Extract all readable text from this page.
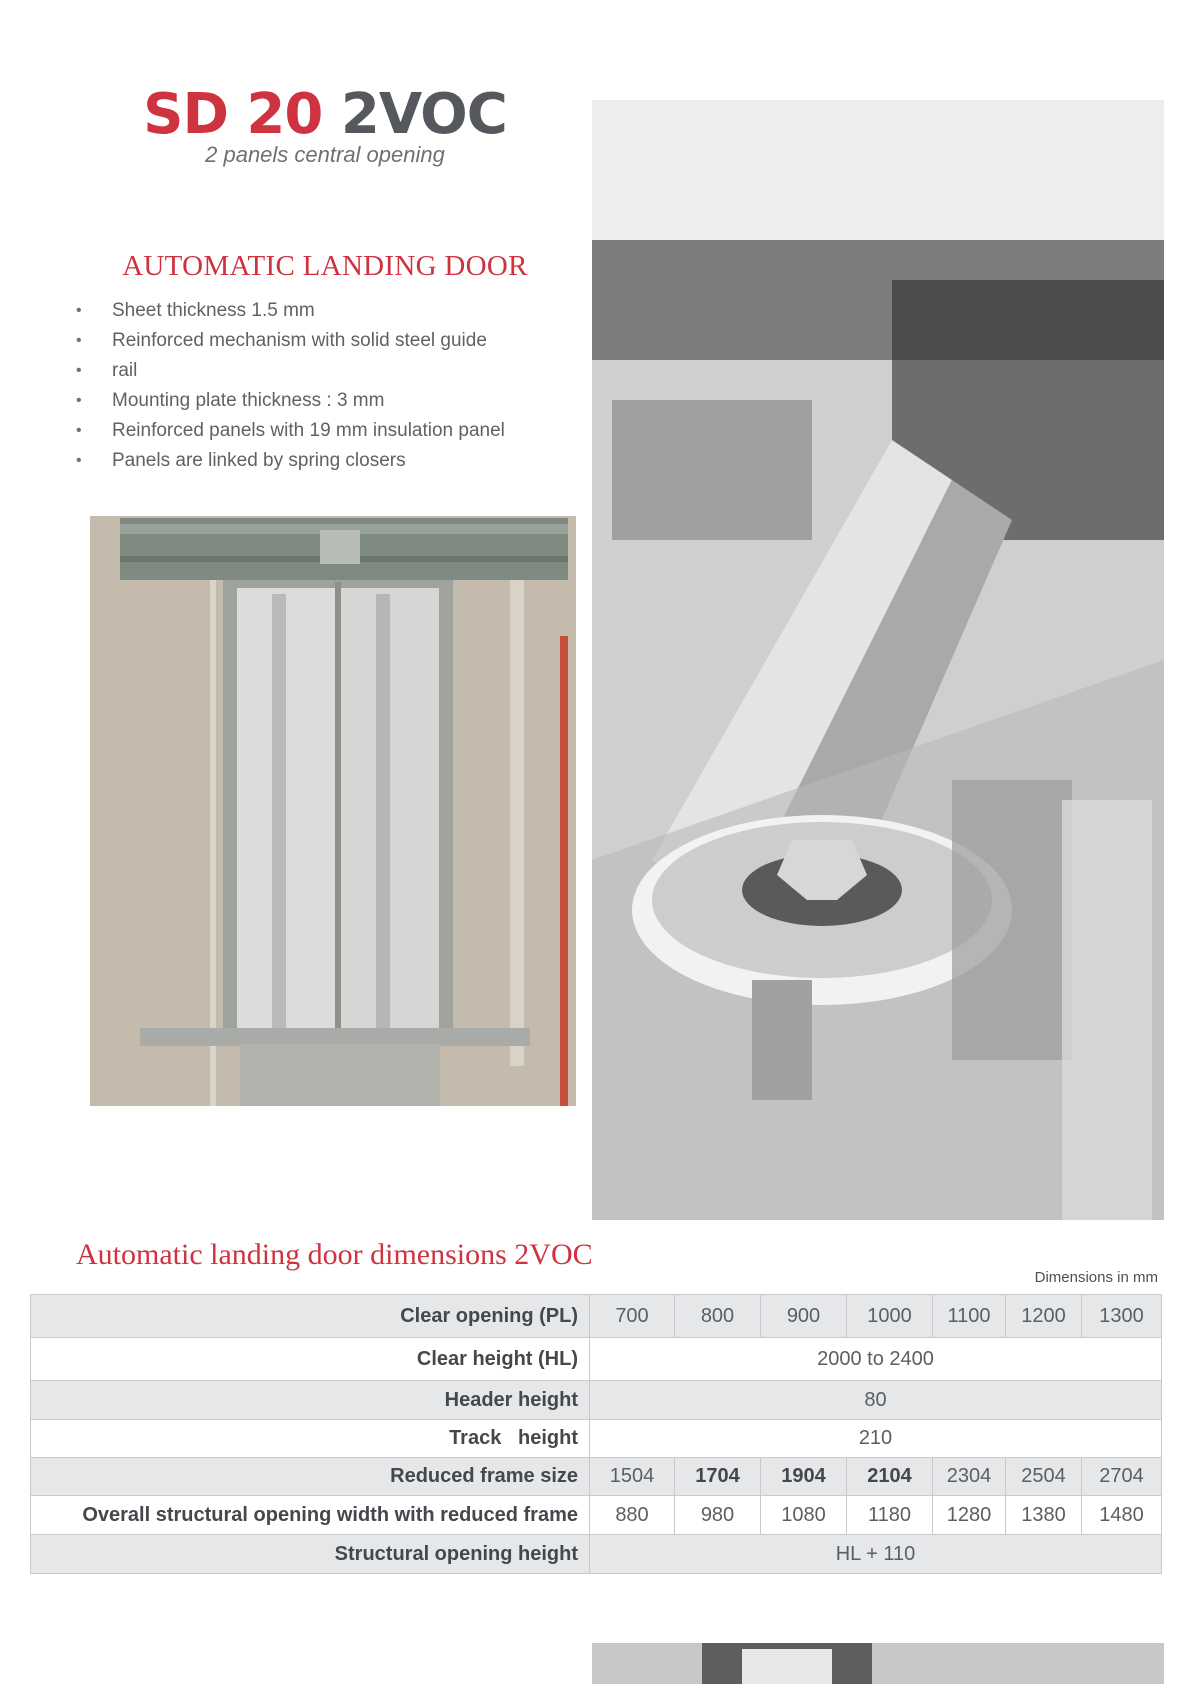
SD 20 2VOC
2 panels central opening
AUTOMATIC LANDING DOOR
• Sheet thickness 1.5 mm
• Reinforced mechanism with solid steel guide
• rail
• Mounting plate thickness : 3 mm
• Reinforced panels with 19 mm insulation panel
• Panels are linked by spring closers
Automatic landing door dimensions 2VOC
Dimensions in mm
Clear opening (PL)	700	800	900	1000	1100	1200	1300
Clear height (HL)	2000 to 2400						
Header height	80						
Track   height	210						
Reduced frame size	1504	1704	1904	2104	2304	2504	2704
Overall structural opening width with reduced frame	880	980	1080	1180	1280	1380	1480
Structural opening height	HL + 110						
